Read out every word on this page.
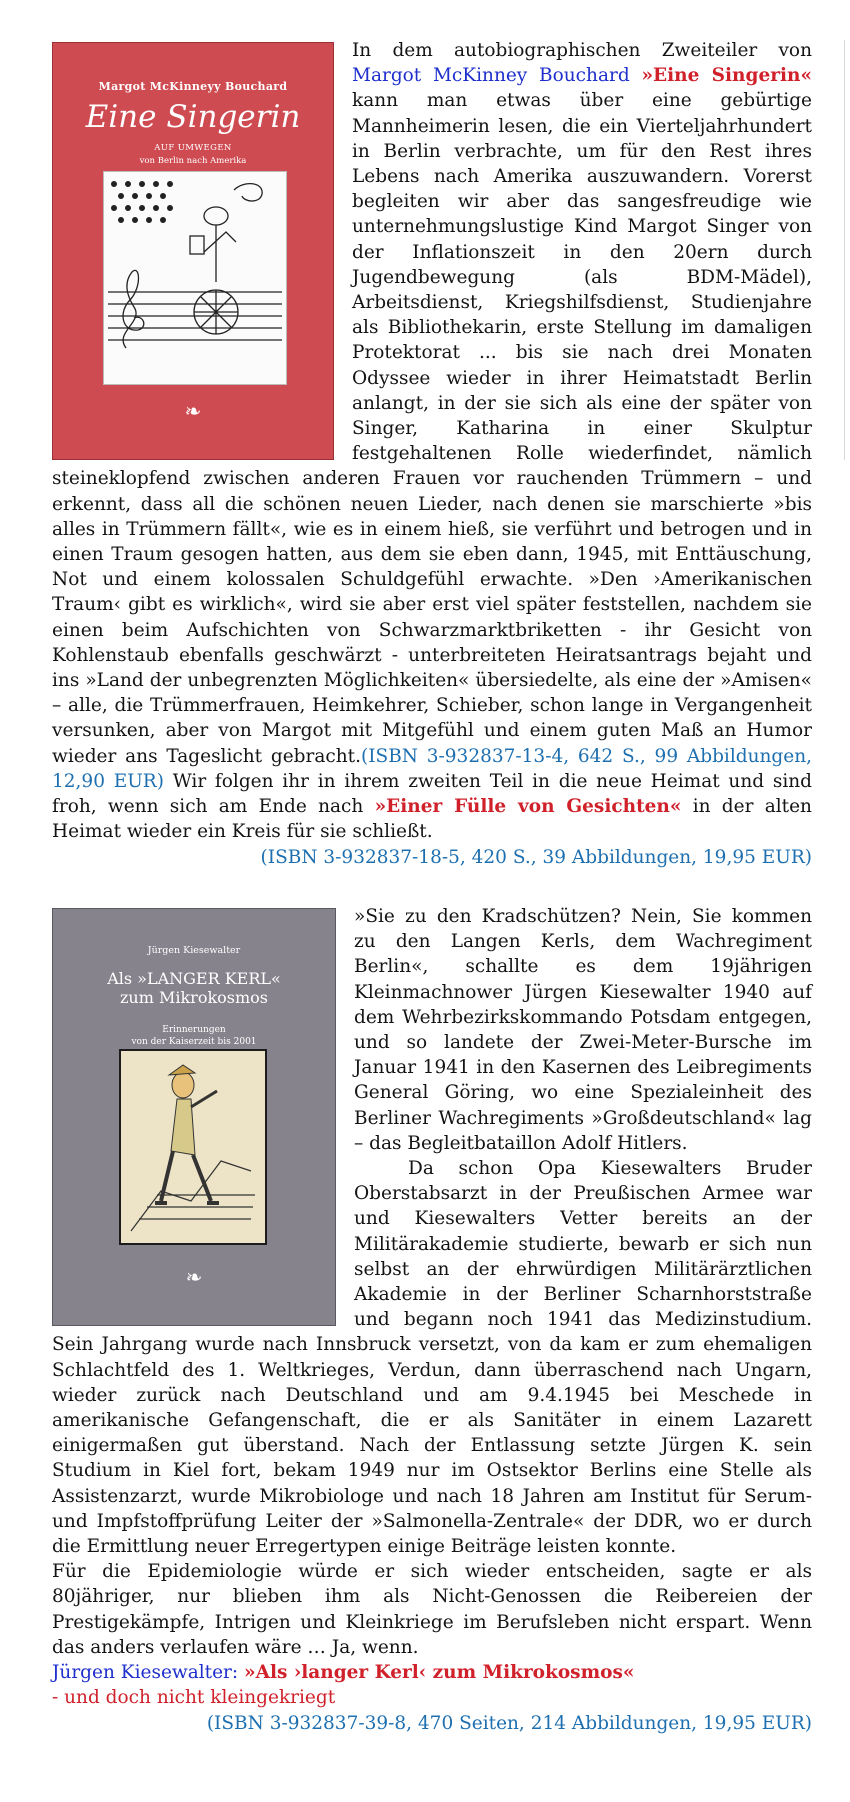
Margot McKinneyy Bouchard
Eine Singerin
AUF UMWEGEN
von Berlin nach Amerika
❧

In dem autobiographischen Zweiteiler von Margot McKinney Bouchard »Eine Singerin« kann man etwas über eine gebürtige Mannheimerin lesen, die ein Vierteljahrhundert in Berlin verbrachte, um für den Rest ihres Lebens nach Amerika auszuwandern. Vorerst begleiten wir aber das sangesfreudige wie unternehmungslustige Kind Margot Singer von der Inflationszeit in den 20ern durch Jugendbewegung (als BDM-Mädel), Arbeitsdienst, Kriegshilfsdienst, Studienjahre als Bibliothekarin, erste Stellung im damaligen Protektorat ... bis sie nach drei Monaten Odyssee wieder in ihrer Heimatstadt Berlin anlangt, in der sie sich als eine der später von Singer, Katharina in einer Skulptur festgehaltenen Rolle wiederfindet, nämlich steineklopfend zwischen anderen Frauen vor rauchenden Trümmern – und erkennt, dass all die schönen neuen Lieder, nach denen sie marschierte »bis alles in Trümmern fällt«, wie es in einem hieß, sie verführt und betrogen und in einen Traum gesogen hatten, aus dem sie eben dann, 1945, mit Enttäuschung, Not und einem kolossalen Schuldgefühl erwachte. »Den ›Amerikanischen Traum‹ gibt es wirklich«, wird sie aber erst viel später feststellen, nachdem sie einen beim Aufschichten von Schwarzmarktbriketten - ihr Gesicht von Kohlenstaub ebenfalls geschwärzt - unterbreiteten Heiratsantrags bejaht und ins »Land der unbegrenzten Möglichkeiten« übersiedelte, als eine der »Amisen« – alle, die Trümmerfrauen, Heimkehrer, Schieber, schon lange in Vergangenheit versunken, aber von Margot mit Mitgefühl und einem guten Maß an Humor wieder ans Tageslicht gebracht.(ISBN 3-932837-13-4, 642 S., 99 Abbildungen, 12,90 EUR) Wir folgen ihr in ihrem zweiten Teil in die neue Heimat und sind froh, wenn sich am Ende nach »Einer Fülle von Gesichten« in der alten Heimat wieder ein Kreis für sie schließt.

(ISBN 3-932837-18-5, 420 S., 39 Abbildungen, 19,95 EUR)

Jürgen Kiesewalter
Als »LANGER KERL«
zum Mikrokosmos
Erinnerungen
von der Kaiserzeit bis 2001
❧

»Sie zu den Kradschützen? Nein, Sie kommen zu den Langen Kerls, dem Wachregiment Berlin«, schallte es dem 19jährigen Kleinmachnower Jürgen Kiesewalter 1940 auf dem Wehrbezirkskommando Potsdam entgegen, und so landete der Zwei-Meter-Bursche im Januar 1941 in den Kasernen des Leibregiments General Göring, wo eine Spezialeinheit des Berliner Wachregiments »Großdeutschland« lag – das Begleitbataillon Adolf Hitlers.

Da schon Opa Kiesewalters Bruder Oberstabsarzt in der Preußischen Armee war und Kiesewalters Vetter bereits an der Militärakademie studierte, bewarb er sich nun selbst an der ehrwürdigen Militärärztlichen Akademie in der Berliner Scharnhorststraße und begann noch 1941 das Medizinstudium. Sein Jahrgang wurde nach Innsbruck versetzt, von da kam er zum ehemaligen Schlachtfeld des 1. Weltkrieges, Verdun, dann überraschend nach Ungarn, wieder zurück nach Deutschland und am 9.4.1945 bei Meschede in amerikanische Gefangenschaft, die er als Sanitäter in einem Lazarett einigermaßen gut überstand. Nach der Entlassung setzte Jürgen K. sein Studium in Kiel fort, bekam 1949 nur im Ostsektor Berlins eine Stelle als Assistenzarzt, wurde Mikrobiologe und nach 18 Jahren am Institut für Serum- und Impfstoffprüfung Leiter der »Salmonella-Zentrale« der DDR, wo er durch die Ermittlung neuer Erregertypen einige Beiträge leisten konnte.

Für die Epidemiologie würde er sich wieder entscheiden, sagte er als 80jähriger, nur blieben ihm als Nicht-Genossen die Reibereien der Prestigekämpfe, Intrigen und Kleinkriege im Berufsleben nicht erspart. Wenn das anders verlaufen wäre … Ja, wenn.

Jürgen Kiesewalter: »Als ›langer Kerl‹ zum Mikrokosmos«

- und doch nicht kleingekriegt

(ISBN 3-932837-39-8, 470 Seiten, 214 Abbildungen, 19,95 EUR)
